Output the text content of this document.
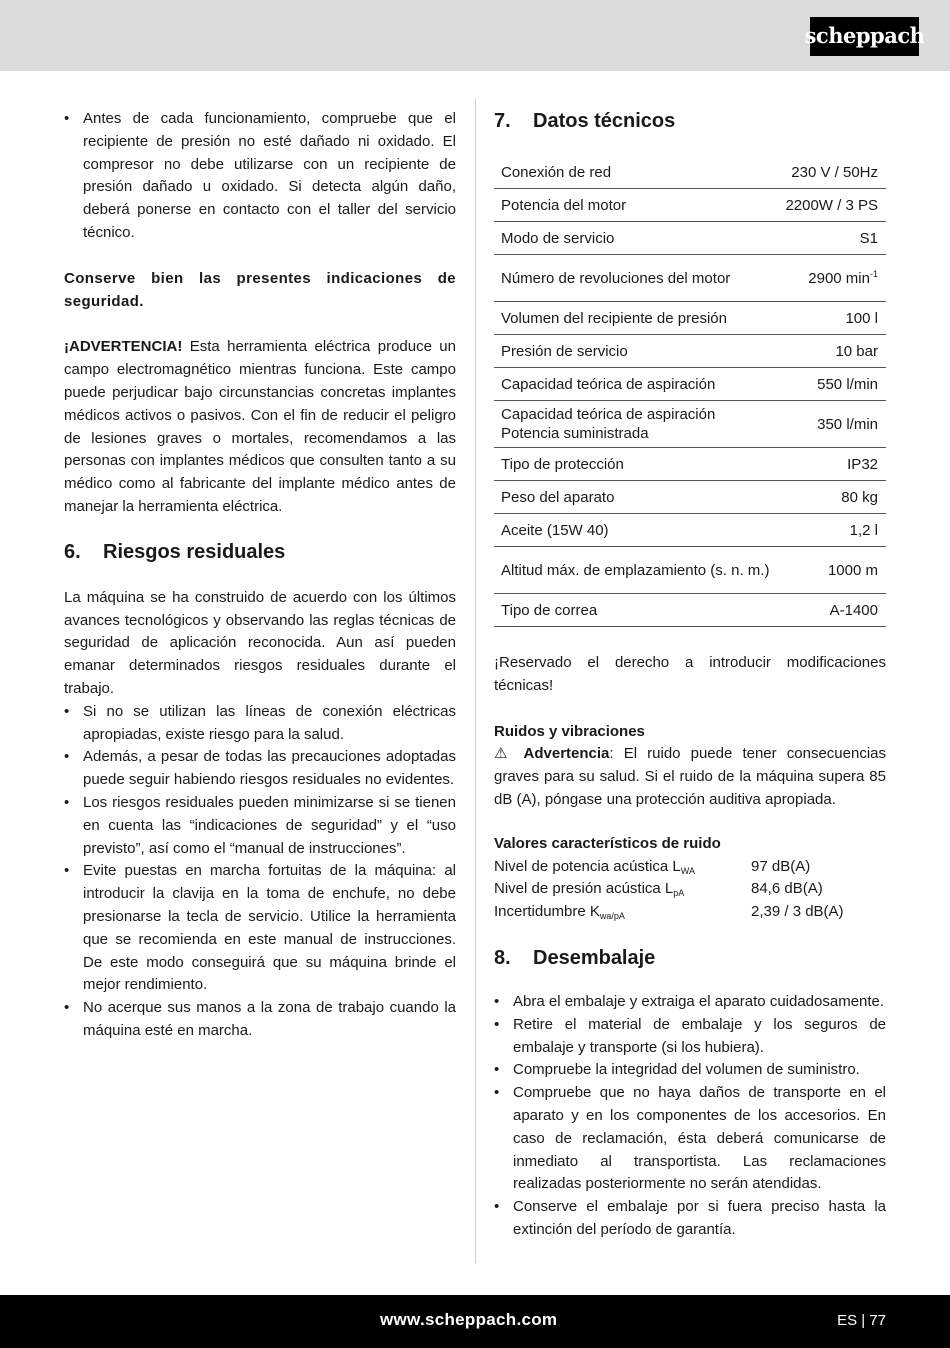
scheppach
• Antes de cada funcionamiento, compruebe que el recipiente de presión no esté dañado ni oxidado. El compresor no debe utilizarse con un recipiente de presión dañado u oxidado. Si detecta algún daño, deberá ponerse en contacto con el taller del servicio técnico.

Conserve bien las presentes indicaciones de seguridad.

¡ADVERTENCIA! Esta herramienta eléctrica produce un campo electromagnético mientras funciona. Este campo puede perjudicar bajo circunstancias concretas implantes médicos activos o pasivos. Con el fin de reducir el peligro de lesiones graves o mortales, recomendamos a las personas con implantes médicos que consulten tanto a su médico como al fabricante del implante médico antes de manejar la herramienta eléctrica.

6.	Riesgos residuales

La máquina se ha construido de acuerdo con los últimos avances tecnológicos y observando las reglas técnicas de seguridad de aplicación reconocida. Aun así pueden emanar determinados riesgos residuales durante el trabajo.

• Si no se utilizan las líneas de conexión eléctricas apropiadas, existe riesgo para la salud.
• Además, a pesar de todas las precauciones adoptadas puede seguir habiendo riesgos residuales no evidentes.
• Los riesgos residuales pueden minimizarse si se tienen en cuenta las “indicaciones de seguridad” y el “uso previsto”, así como el “manual de instrucciones”.
• Evite puestas en marcha fortuitas de la máquina: al introducir la clavija en la toma de enchufe, no debe presionarse la tecla de servicio. Utilice la herramienta que se recomienda en este manual de instrucciones. De este modo conseguirá que su máquina brinde el mejor rendimiento.
• No acerque sus manos a la zona de trabajo cuando la máquina esté en marcha.
7.	Datos técnicos
Conexión de red	230 V / 50Hz
Potencia del motor	2200W / 3 PS
Modo de servicio	S1
Número de revoluciones del motor	2900 $\min^{-1}$
Volumen del recipiente de presión	100 l
Presión de servicio	10 bar
Capacidad teórica de aspiración	550 l/min
Capacidad teórica de aspiración Potencia suministrada	350 l/min
Tipo de protección	IP32
Peso del aparato	80 kg
Aceite (15W 40)	1,2 l
Altitud máx. de emplazamiento (s. n. m.)	1000 m
Tipo de correa	A-1400

¡Reservado el derecho a introducir modificaciones técnicas!

Ruidos y vibraciones

⚠ Advertencia: El ruido puede tener consecuencias graves para su salud. Si el ruido de la máquina supera 85 dB (A), póngase una protección auditiva apropiada.

Valores característicos de ruido

Nivel de potencia acústica $L_{WA}$	97 dB(A)
Nivel de presión acústica $L_{pA}$	84,6 dB(A)
Incertidumbre $K_{wa/pA}$	2,39 / 3 dB(A)
8.	Desembalaje
• Abra el embalaje y extraiga el aparato cuidadosamente.
• Retire el material de embalaje y los seguros de embalaje y transporte (si los hubiera).
• Compruebe la integridad del volumen de suministro.
• Compruebe que no haya daños de transporte en el aparato y en los componentes de los accesorios. En caso de reclamación, ésta deberá comunicarse de inmediato al transportista. Las reclamaciones realizadas posteriormente no serán atendidas.
• Conserve el embalaje por si fuera preciso hasta la extinción del período de garantía.
www.scheppach.com	ES | 77
